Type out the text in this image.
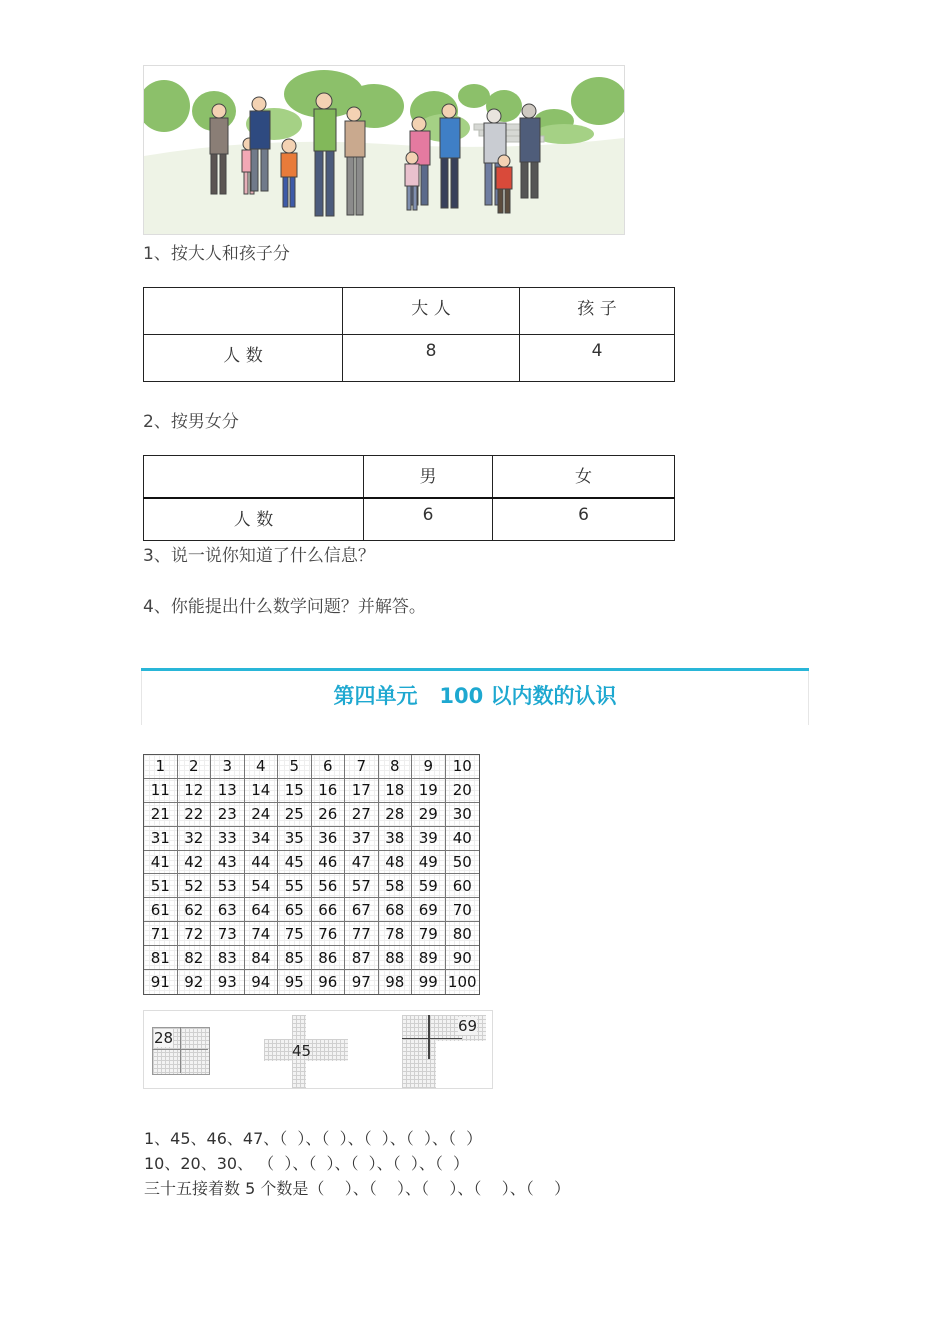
1、按大人和孩子分
	大 人	孩 子
人 数	8	4
2、按男女分
	男	女
人 数	6	6
3、说一说你知道了什么信息？
4、你能提出什么数学问题？并解答。
第四单元   100 以内数的认识
1	2	3	4	5	6	7	8	9	10
11 12 13 14 15 16 17 18 19 20
21 22 23 24 25 26 27 28 29 30
31 32 33 34 35 36 37 38 39 40
41 42 43 44 45 46 47 48 49 50
51 52 53 54 55 56 57 58 59 60
61 62 63 64 65 66 67 68 69 70
71 72 73 74 75 76 77 78 79 80
81 82 83 84 85 86 87 88 89 90
91 92 93 94 95 96 97 98 99 100
28
45
69
1、45、46、47、（  ）、（  ）、（  ）、（  ）、（  ）
10、20、30、 （  ）、（  ）、（  ）、（  ）、（  ）
三十五接着数 5 个数是（    ）、（    ）、（    ）、（    ）、（    ）
